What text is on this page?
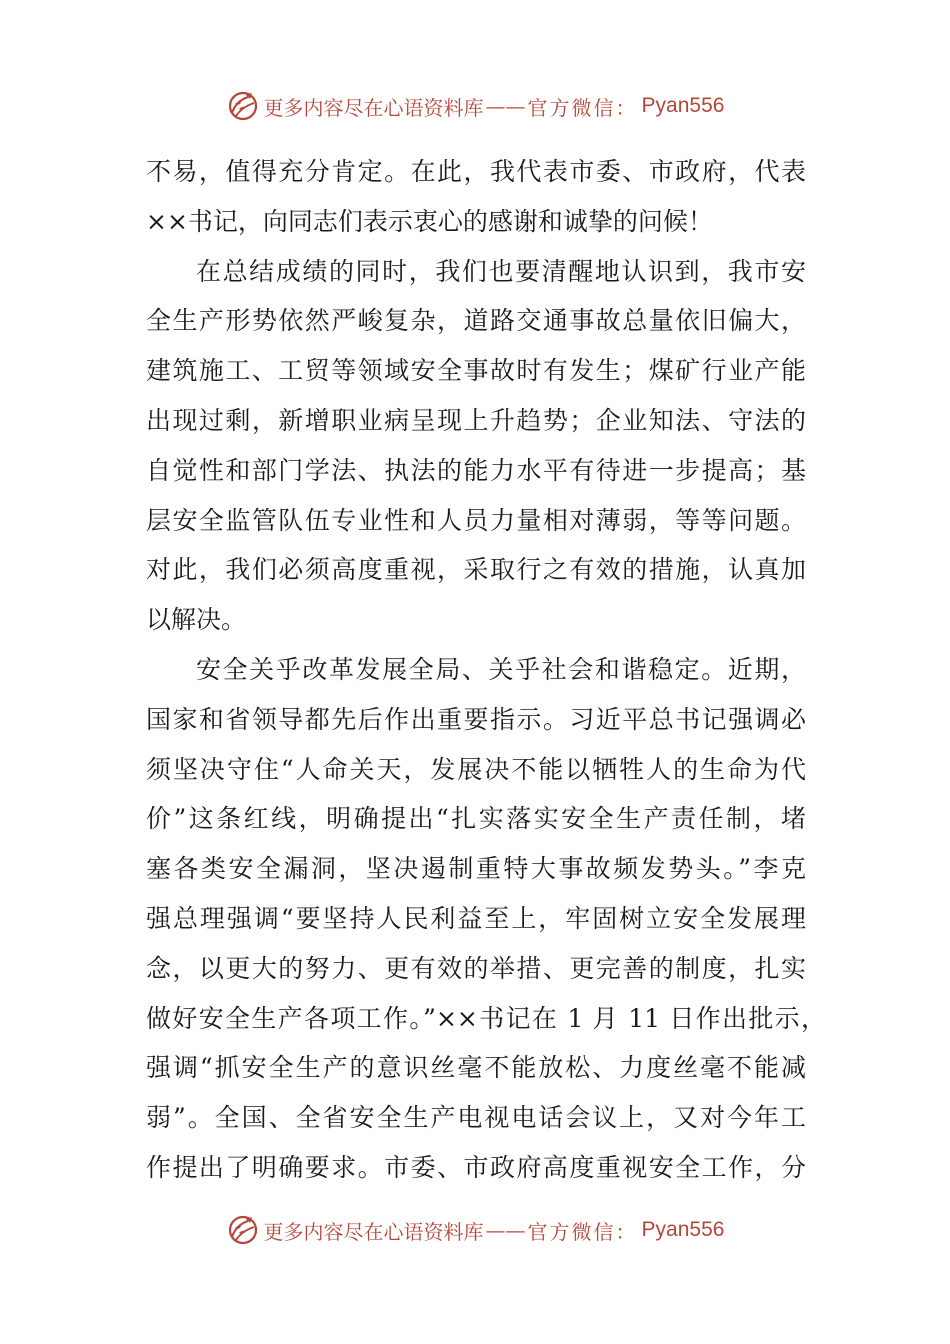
更多内容尽在心语资料库 —— 官方微信： Pyan556
不易，值得充分肯定。在此，我代表市委、市政府，代表
××书记，向同志们表示衷心的感谢和诚挚的问候！
在总结成绩的同时，我们也要清醒地认识到，我市安
全生产形势依然严峻复杂，道路交通事故总量依旧偏大，
建筑施工、工贸等领域安全事故时有发生；煤矿行业产能
出现过剩，新增职业病呈现上升趋势；企业知法、守法的
自觉性和部门学法、执法的能力水平有待进一步提高；基
层安全监管队伍专业性和人员力量相对薄弱，等等问题。
对此，我们必须高度重视，采取行之有效的措施，认真加
以解决。
安全关乎改革发展全局、关乎社会和谐稳定。近期，
国家和省领导都先后作出重要指示。习近平总书记强调必
须坚决守住“人命关天，发展决不能以牺牲人的生命为代
价”这条红线，明确提出“扎实落实安全生产责任制，堵
塞各类安全漏洞，坚决遏制重特大事故频发势头。”李克
强总理强调“要坚持人民利益至上，牢固树立安全发展理
念，以更大的努力、更有效的举措、更完善的制度，扎实
做好安全生产各项工作。”××书记在 1 月 11 日作出批示，
强调“抓安全生产的意识丝毫不能放松、力度丝毫不能减
弱”。全国、全省安全生产电视电话会议上，又对今年工
作提出了明确要求。市委、市政府高度重视安全工作，分
更多内容尽在心语资料库 —— 官方微信： Pyan556
